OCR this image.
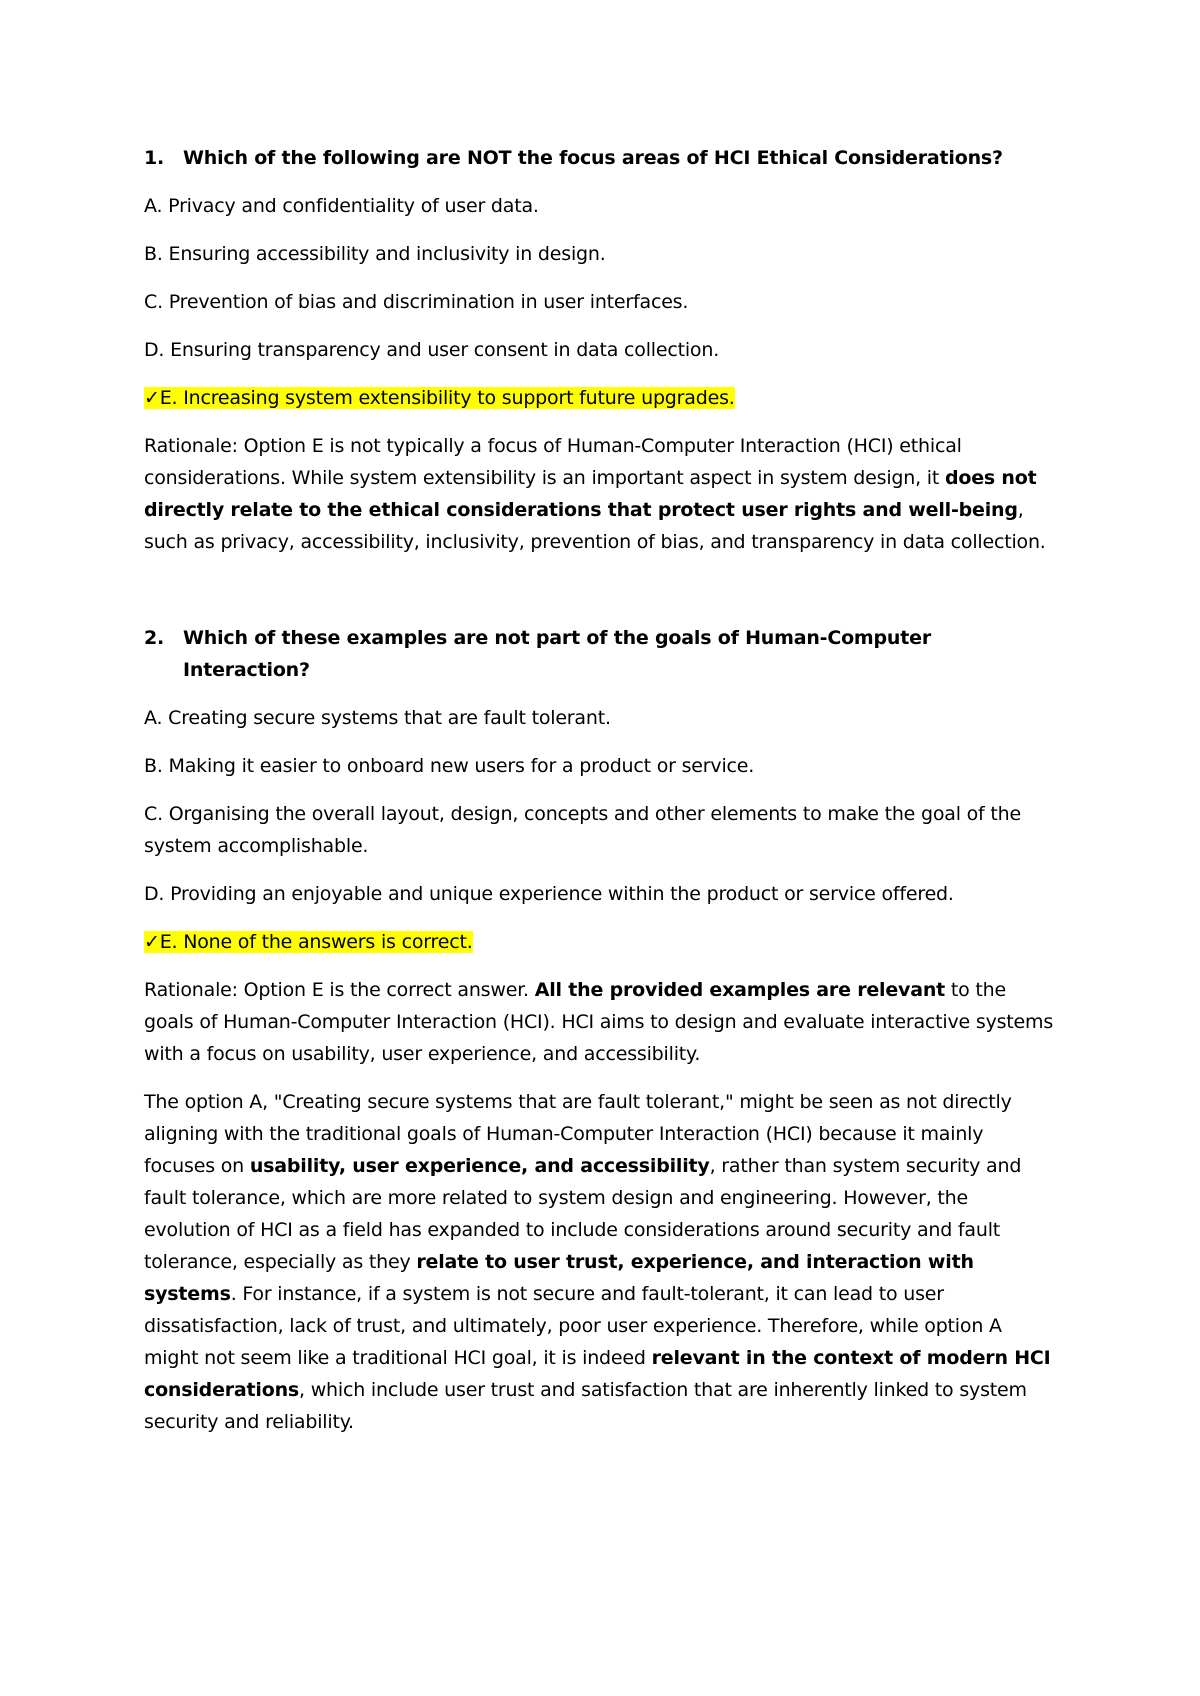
1. Which of the following are NOT the focus areas of HCI Ethical Considerations?
A. Privacy and confidentiality of user data.
B. Ensuring accessibility and inclusivity in design.
C. Prevention of bias and discrimination in user interfaces.
D. Ensuring transparency and user consent in data collection.
✓E. Increasing system extensibility to support future upgrades.
Rationale: Option E is not typically a focus of Human-Computer Interaction (HCI) ethical considerations. While system extensibility is an important aspect in system design, it does not directly relate to the ethical considerations that protect user rights and well-being, such as privacy, accessibility, inclusivity, prevention of bias, and transparency in data collection.
2. Which of these examples are not part of the goals of Human-Computer Interaction?
A. Creating secure systems that are fault tolerant.
B. Making it easier to onboard new users for a product or service.
C. Organising the overall layout, design, concepts and other elements to make the goal of the system accomplishable.
D. Providing an enjoyable and unique experience within the product or service offered.
✓E. None of the answers is correct.
Rationale: Option E is the correct answer. All the provided examples are relevant to the goals of Human-Computer Interaction (HCI). HCI aims to design and evaluate interactive systems with a focus on usability, user experience, and accessibility.
The option A, "Creating secure systems that are fault tolerant," might be seen as not directly aligning with the traditional goals of Human-Computer Interaction (HCI) because it mainly focuses on usability, user experience, and accessibility, rather than system security and fault tolerance, which are more related to system design and engineering. However, the evolution of HCI as a field has expanded to include considerations around security and fault tolerance, especially as they relate to user trust, experience, and interaction with systems. For instance, if a system is not secure and fault-tolerant, it can lead to user dissatisfaction, lack of trust, and ultimately, poor user experience. Therefore, while option A might not seem like a traditional HCI goal, it is indeed relevant in the context of modern HCI considerations, which include user trust and satisfaction that are inherently linked to system security and reliability.
